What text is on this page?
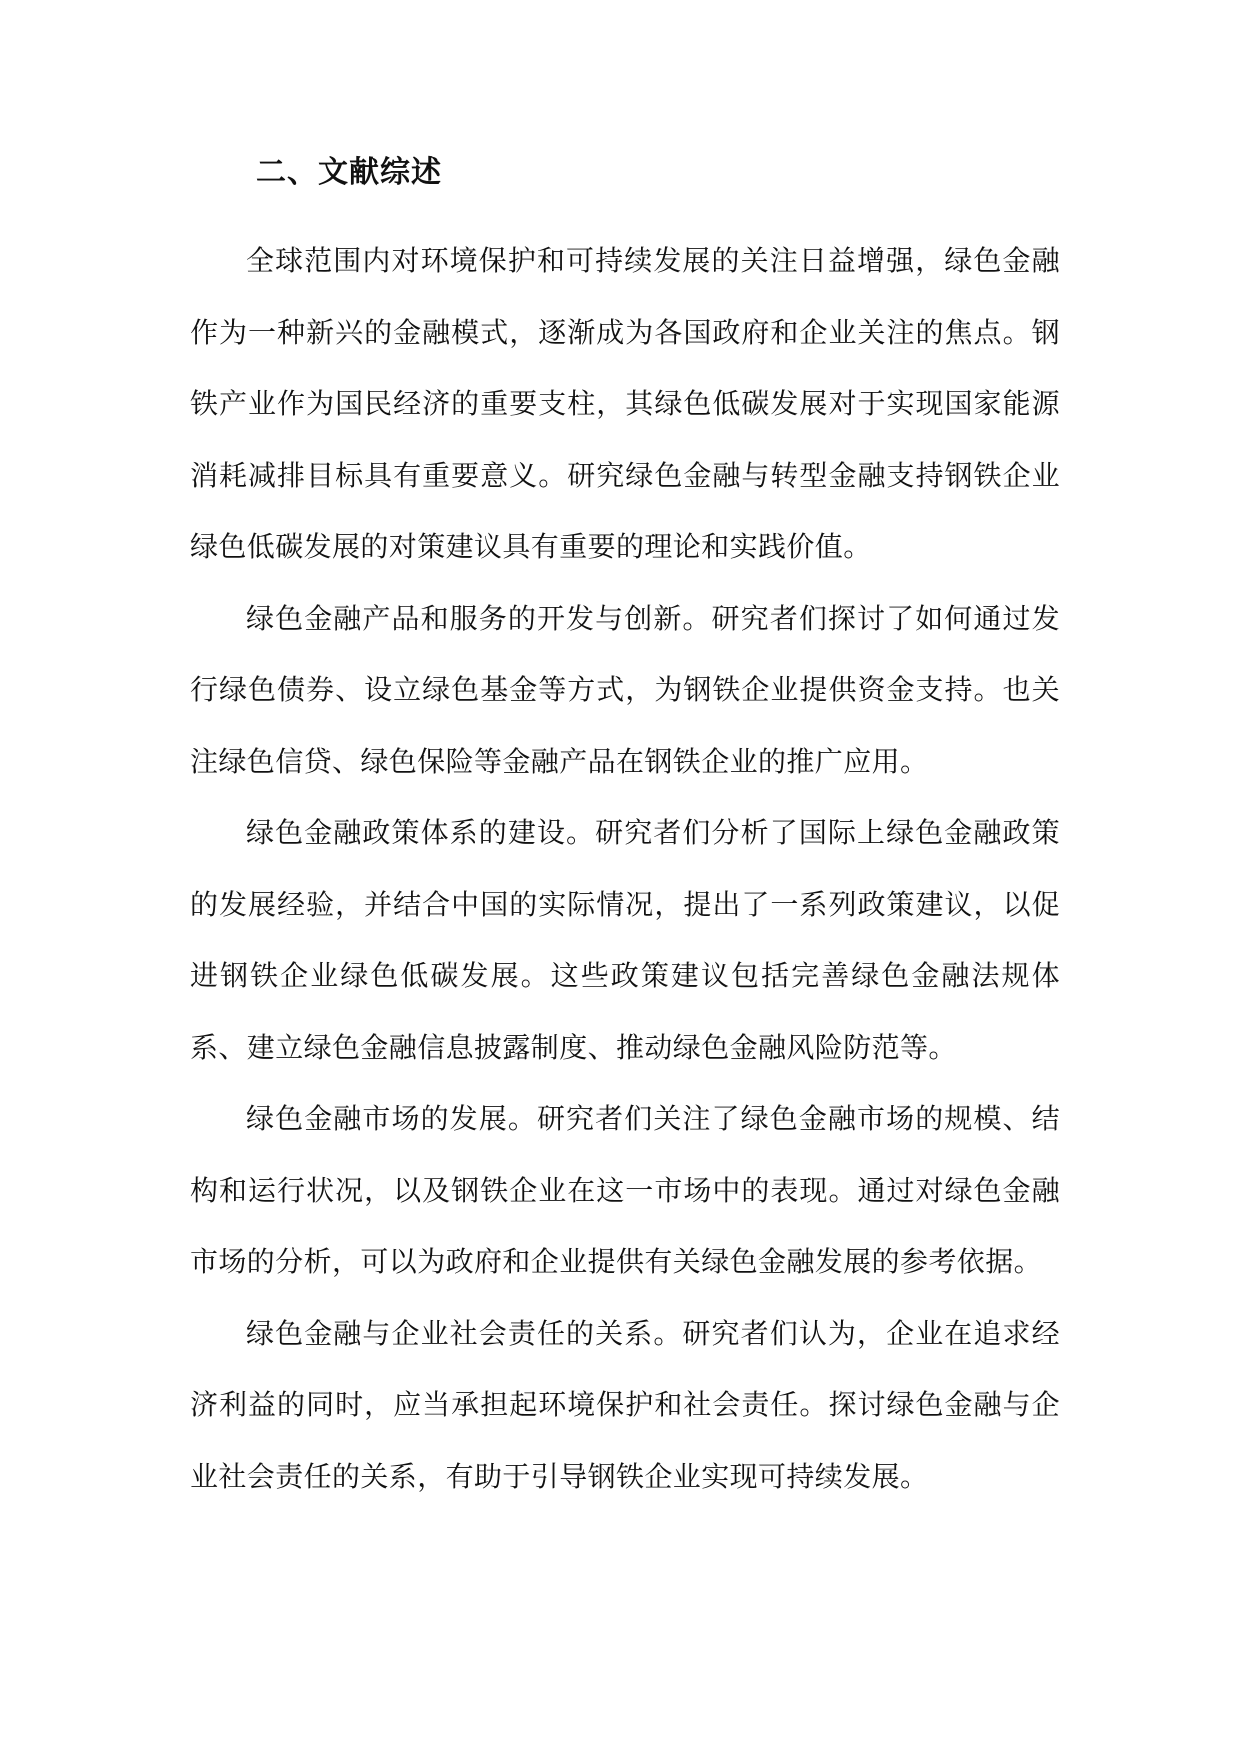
二、文献综述

全球范围内对环境保护和可持续发展的关注日益增强，绿色金融作为一种新兴的金融模式，逐渐成为各国政府和企业关注的焦点。钢铁产业作为国民经济的重要支柱，其绿色低碳发展对于实现国家能源消耗减排目标具有重要意义。研究绿色金融与转型金融支持钢铁企业绿色低碳发展的对策建议具有重要的理论和实践价值。

绿色金融产品和服务的开发与创新。研究者们探讨了如何通过发行绿色债券、设立绿色基金等方式，为钢铁企业提供资金支持。也关注绿色信贷、绿色保险等金融产品在钢铁企业的推广应用。

绿色金融政策体系的建设。研究者们分析了国际上绿色金融政策的发展经验，并结合中国的实际情况，提出了一系列政策建议，以促进钢铁企业绿色低碳发展。这些政策建议包括完善绿色金融法规体系、建立绿色金融信息披露制度、推动绿色金融风险防范等。

绿色金融市场的发展。研究者们关注了绿色金融市场的规模、结构和运行状况，以及钢铁企业在这一市场中的表现。通过对绿色金融市场的分析，可以为政府和企业提供有关绿色金融发展的参考依据。

绿色金融与企业社会责任的关系。研究者们认为，企业在追求经济利益的同时，应当承担起环境保护和社会责任。探讨绿色金融与企业社会责任的关系，有助于引导钢铁企业实现可持续发展。
